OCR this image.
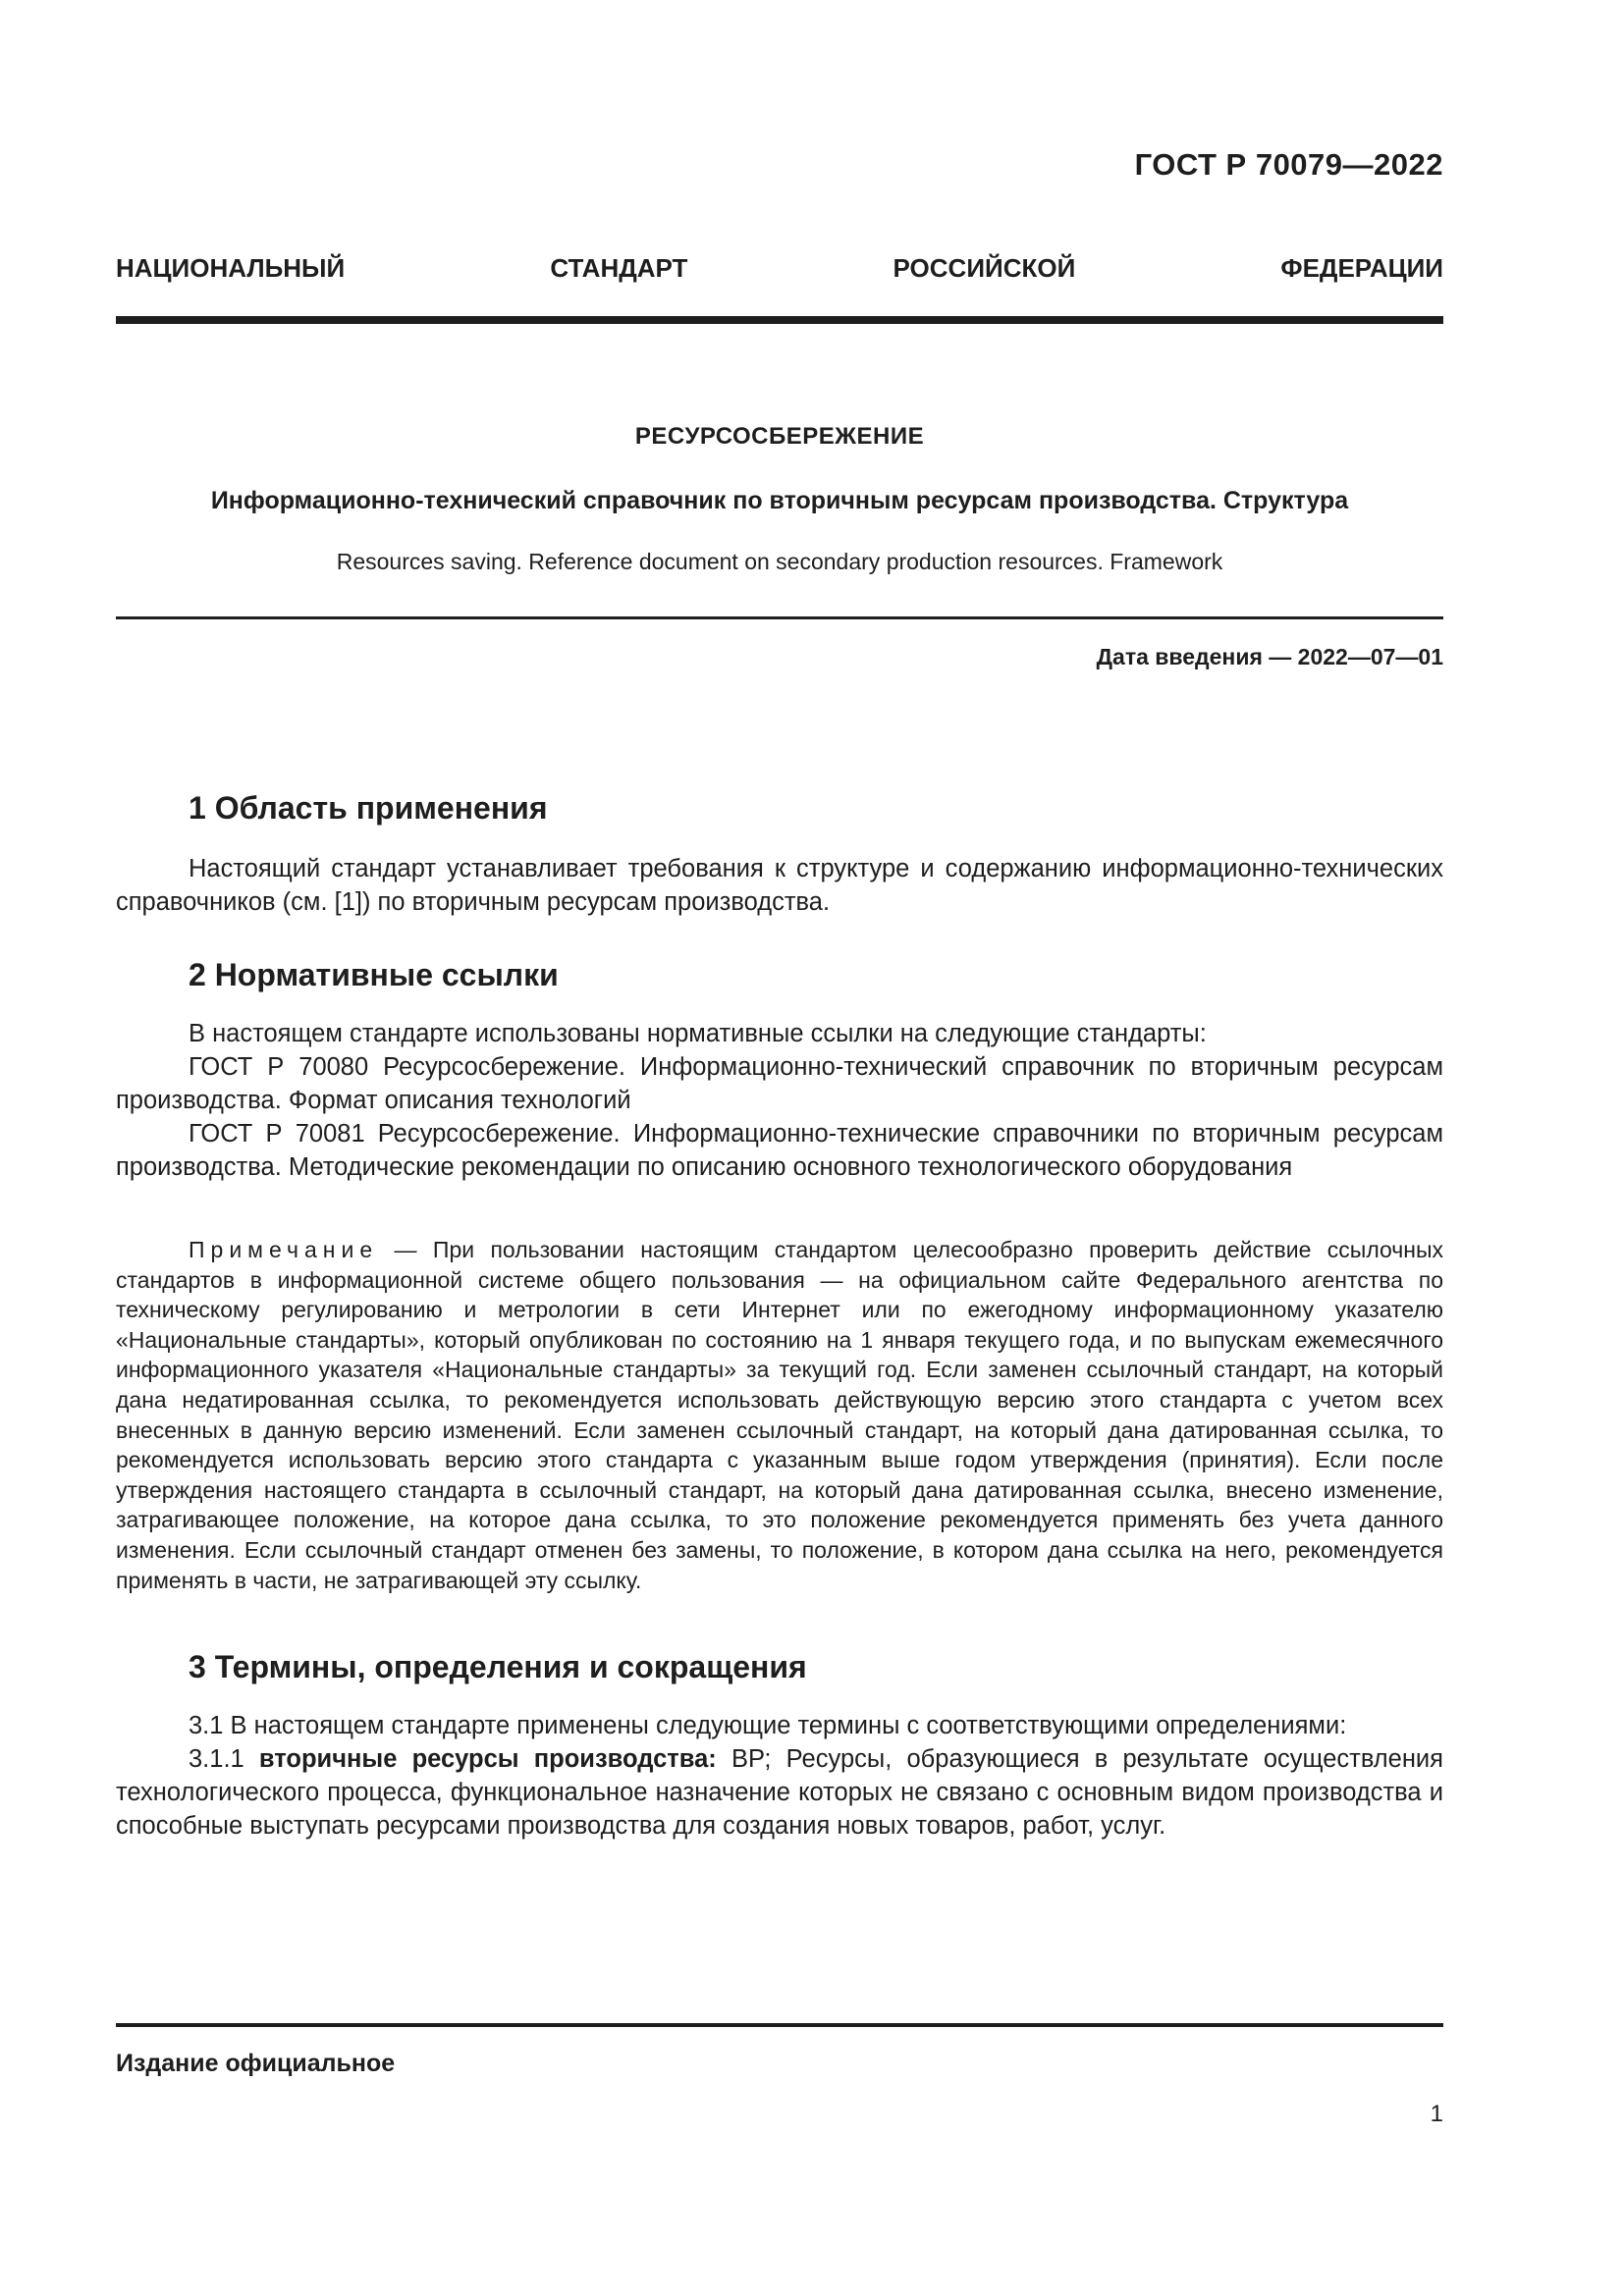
ГОСТ Р 70079—2022
НАЦИОНАЛЬНЫЙ	СТАНДАРТ	РОССИЙСКОЙ	ФЕДЕРАЦИИ
РЕСУРСОСБЕРЕЖЕНИЕ
Информационно-технический справочник по вторичным ресурсам производства. Структура
Resources saving. Reference document on secondary production resources. Framework
Дата введения — 2022—07—01
1 Область применения

Настоящий стандарт устанавливает требования к структуре и содержанию информационно-технических справочников (см. [1]) по вторичным ресурсам производства.

2 Нормативные ссылки

В настоящем стандарте использованы нормативные ссылки на следующие стандарты:

ГОСТ Р 70080 Ресурсосбережение. Информационно-технический справочник по вторичным ресурсам производства. Формат описания технологий

ГОСТ Р 70081 Ресурсосбережение. Информационно-технические справочники по вторичным ресурсам производства. Методические рекомендации по описанию основного технологического оборудования

Примечание — При пользовании настоящим стандартом целесообразно проверить действие ссылочных стандартов в информационной системе общего пользования — на официальном сайте Федерального агентства по техническому регулированию и метрологии в сети Интернет или по ежегодному информационному указателю «Национальные стандарты», который опубликован по состоянию на 1 января текущего года, и по выпускам ежемесячного информационного указателя «Национальные стандарты» за текущий год. Если заменен ссылочный стандарт, на который дана недатированная ссылка, то рекомендуется использовать действующую версию этого стандарта с учетом всех внесенных в данную версию изменений. Если заменен ссылочный стандарт, на который дана датированная ссылка, то рекомендуется использовать версию этого стандарта с указанным выше годом утверждения (принятия). Если после утверждения настоящего стандарта в ссылочный стандарт, на который дана датированная ссылка, внесено изменение, затрагивающее положение, на которое дана ссылка, то это положение рекомендуется применять без учета данного изменения. Если ссылочный стандарт отменен без замены, то положение, в котором дана ссылка на него, рекомендуется применять в части, не затрагивающей эту ссылку.

3 Термины, определения и сокращения

3.1 В настоящем стандарте применены следующие термины с соответствующими определениями:

3.1.1 вторичные ресурсы производства: ВР; Ресурсы, образующиеся в результате осуществления технологического процесса, функциональное назначение которых не связано с основным видом производства и способные выступать ресурсами производства для создания новых товаров, работ, услуг.

Издание официальное
1
